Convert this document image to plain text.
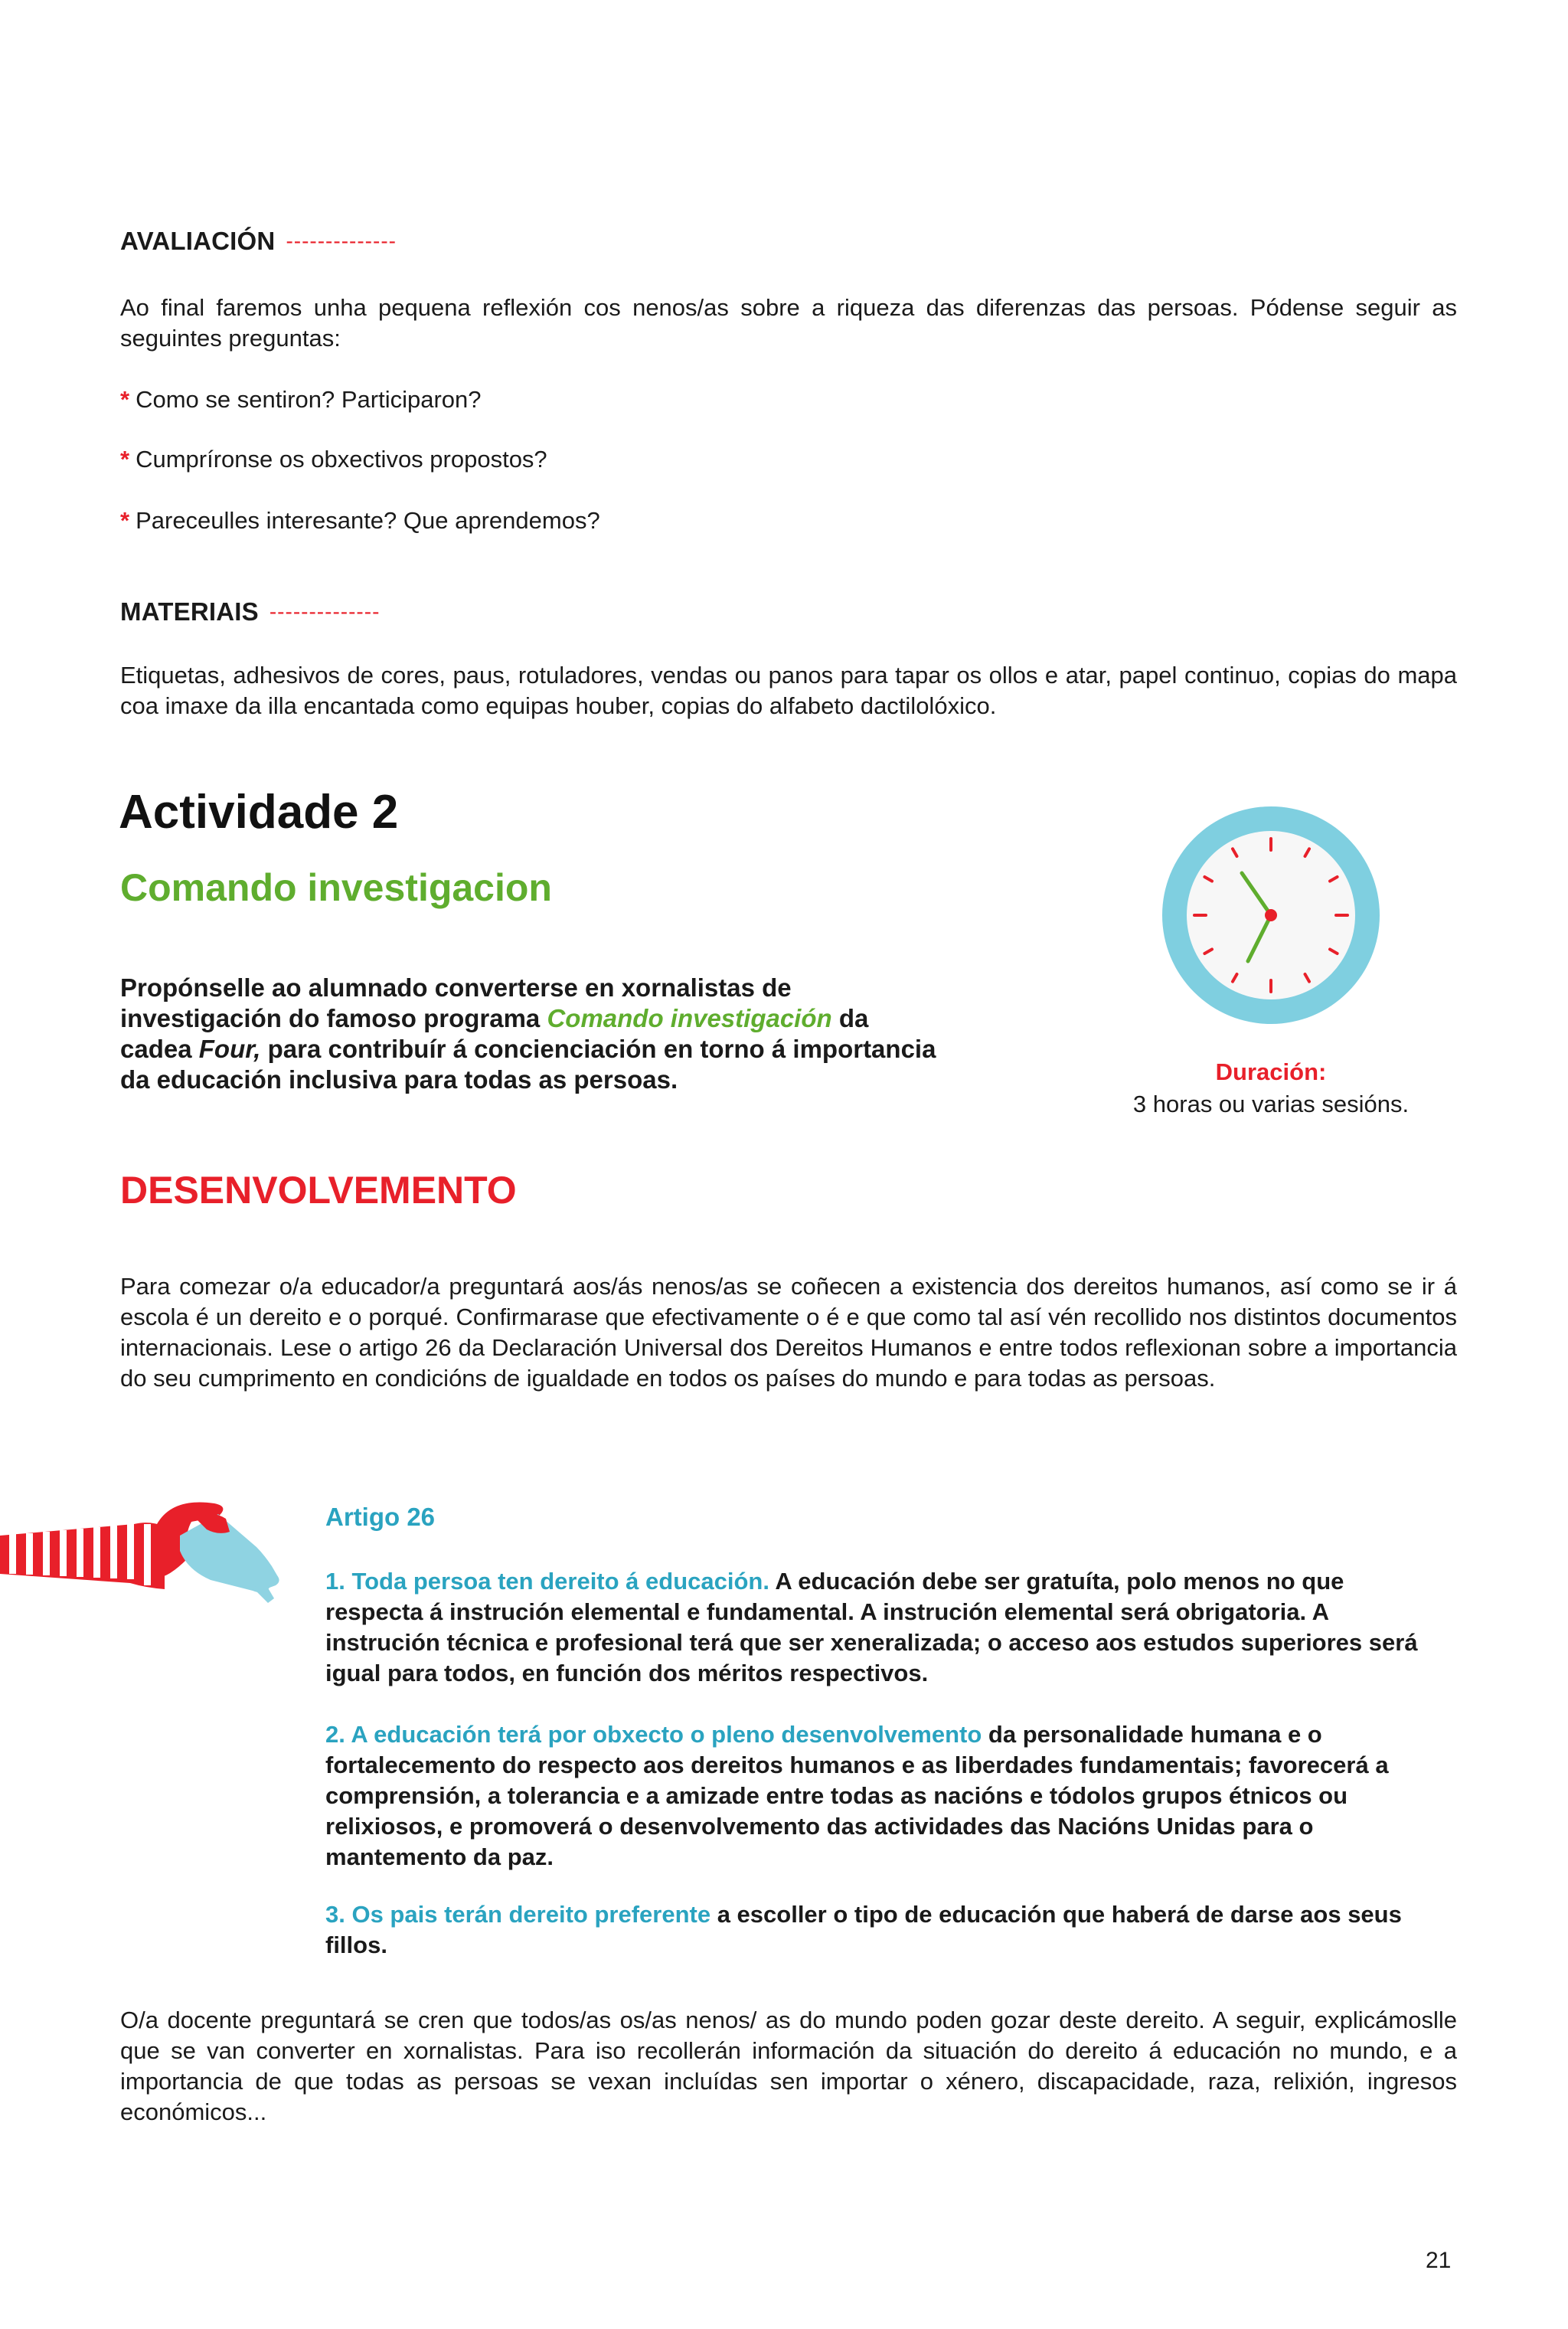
AVALIACIÓN --------------
Ao final faremos unha pequena reflexión cos nenos/as sobre a riqueza das diferenzas das persoas. Pódense seguir as seguintes preguntas:
* Como se sentiron? Participaron?
* Cumpríronse os obxectivos propostos?
* Pareceulles interesante? Que aprendemos?
MATERIAIS --------------
Etiquetas, adhesivos de cores, paus, rotuladores, vendas ou panos para tapar os ollos e atar, papel continuo, copias do mapa coa imaxe da illa encantada como equipas houber, copias do alfabeto dactilolóxico.
Actividade 2
Comando investigacion
Propónselle ao alumnado converterse en xornalistas de investigación do famoso programa Comando investigación da cadea Four, para contribuír á concienciación en torno á importancia da educación inclusiva para todas as persoas.	Duración:
3 horas ou varias sesións.
DESENVOLVEMENTO
Para comezar o/a educador/a preguntará aos/ás nenos/as se coñecen a existencia dos dereitos humanos, así como se ir á escola é un dereito e o porqué. Confirmarase que efectivamente o é e que como tal así vén recollido nos distintos documentos internacionais. Lese o artigo 26 da Declaración Universal dos Dereitos Humanos e entre todos reflexionan sobre a importancia do seu cumprimento en condicións de igualdade en todos os países do mundo e para todas as persoas.
Artigo 26
1. Toda persoa ten dereito á educación. A educación debe ser gratuíta, polo menos no que respecta á instrución elemental e fundamental. A instrución elemental será obrigatoria. A instrución técnica e profesional terá que ser xeneralizada; o acceso aos estudos superiores será igual para todos, en función dos méritos respectivos.
2. A educación terá por obxecto o pleno desenvolvemento da personalidade humana e o fortalecemento do respecto aos dereitos humanos e as liberdades fundamentais; favorecerá a comprensión, a tolerancia e a amizade entre todas as nacións e tódolos grupos étnicos ou relixiosos, e promoverá o desenvolvemento das actividades das Nacións Unidas para o mantemento da paz.
3. Os pais terán dereito preferente a escoller o tipo de educación que haberá de darse aos seus fillos.
O/a docente preguntará se cren que todos/as os/as nenos/ as do mundo poden gozar deste dereito. A seguir, explicámoslle que se van converter en xornalistas. Para iso recollerán información da situación do dereito á educación no mundo, e a importancia de que todas as persoas se vexan incluídas sen importar o xénero, discapacidade, raza, relixión, ingresos económicos...
21
